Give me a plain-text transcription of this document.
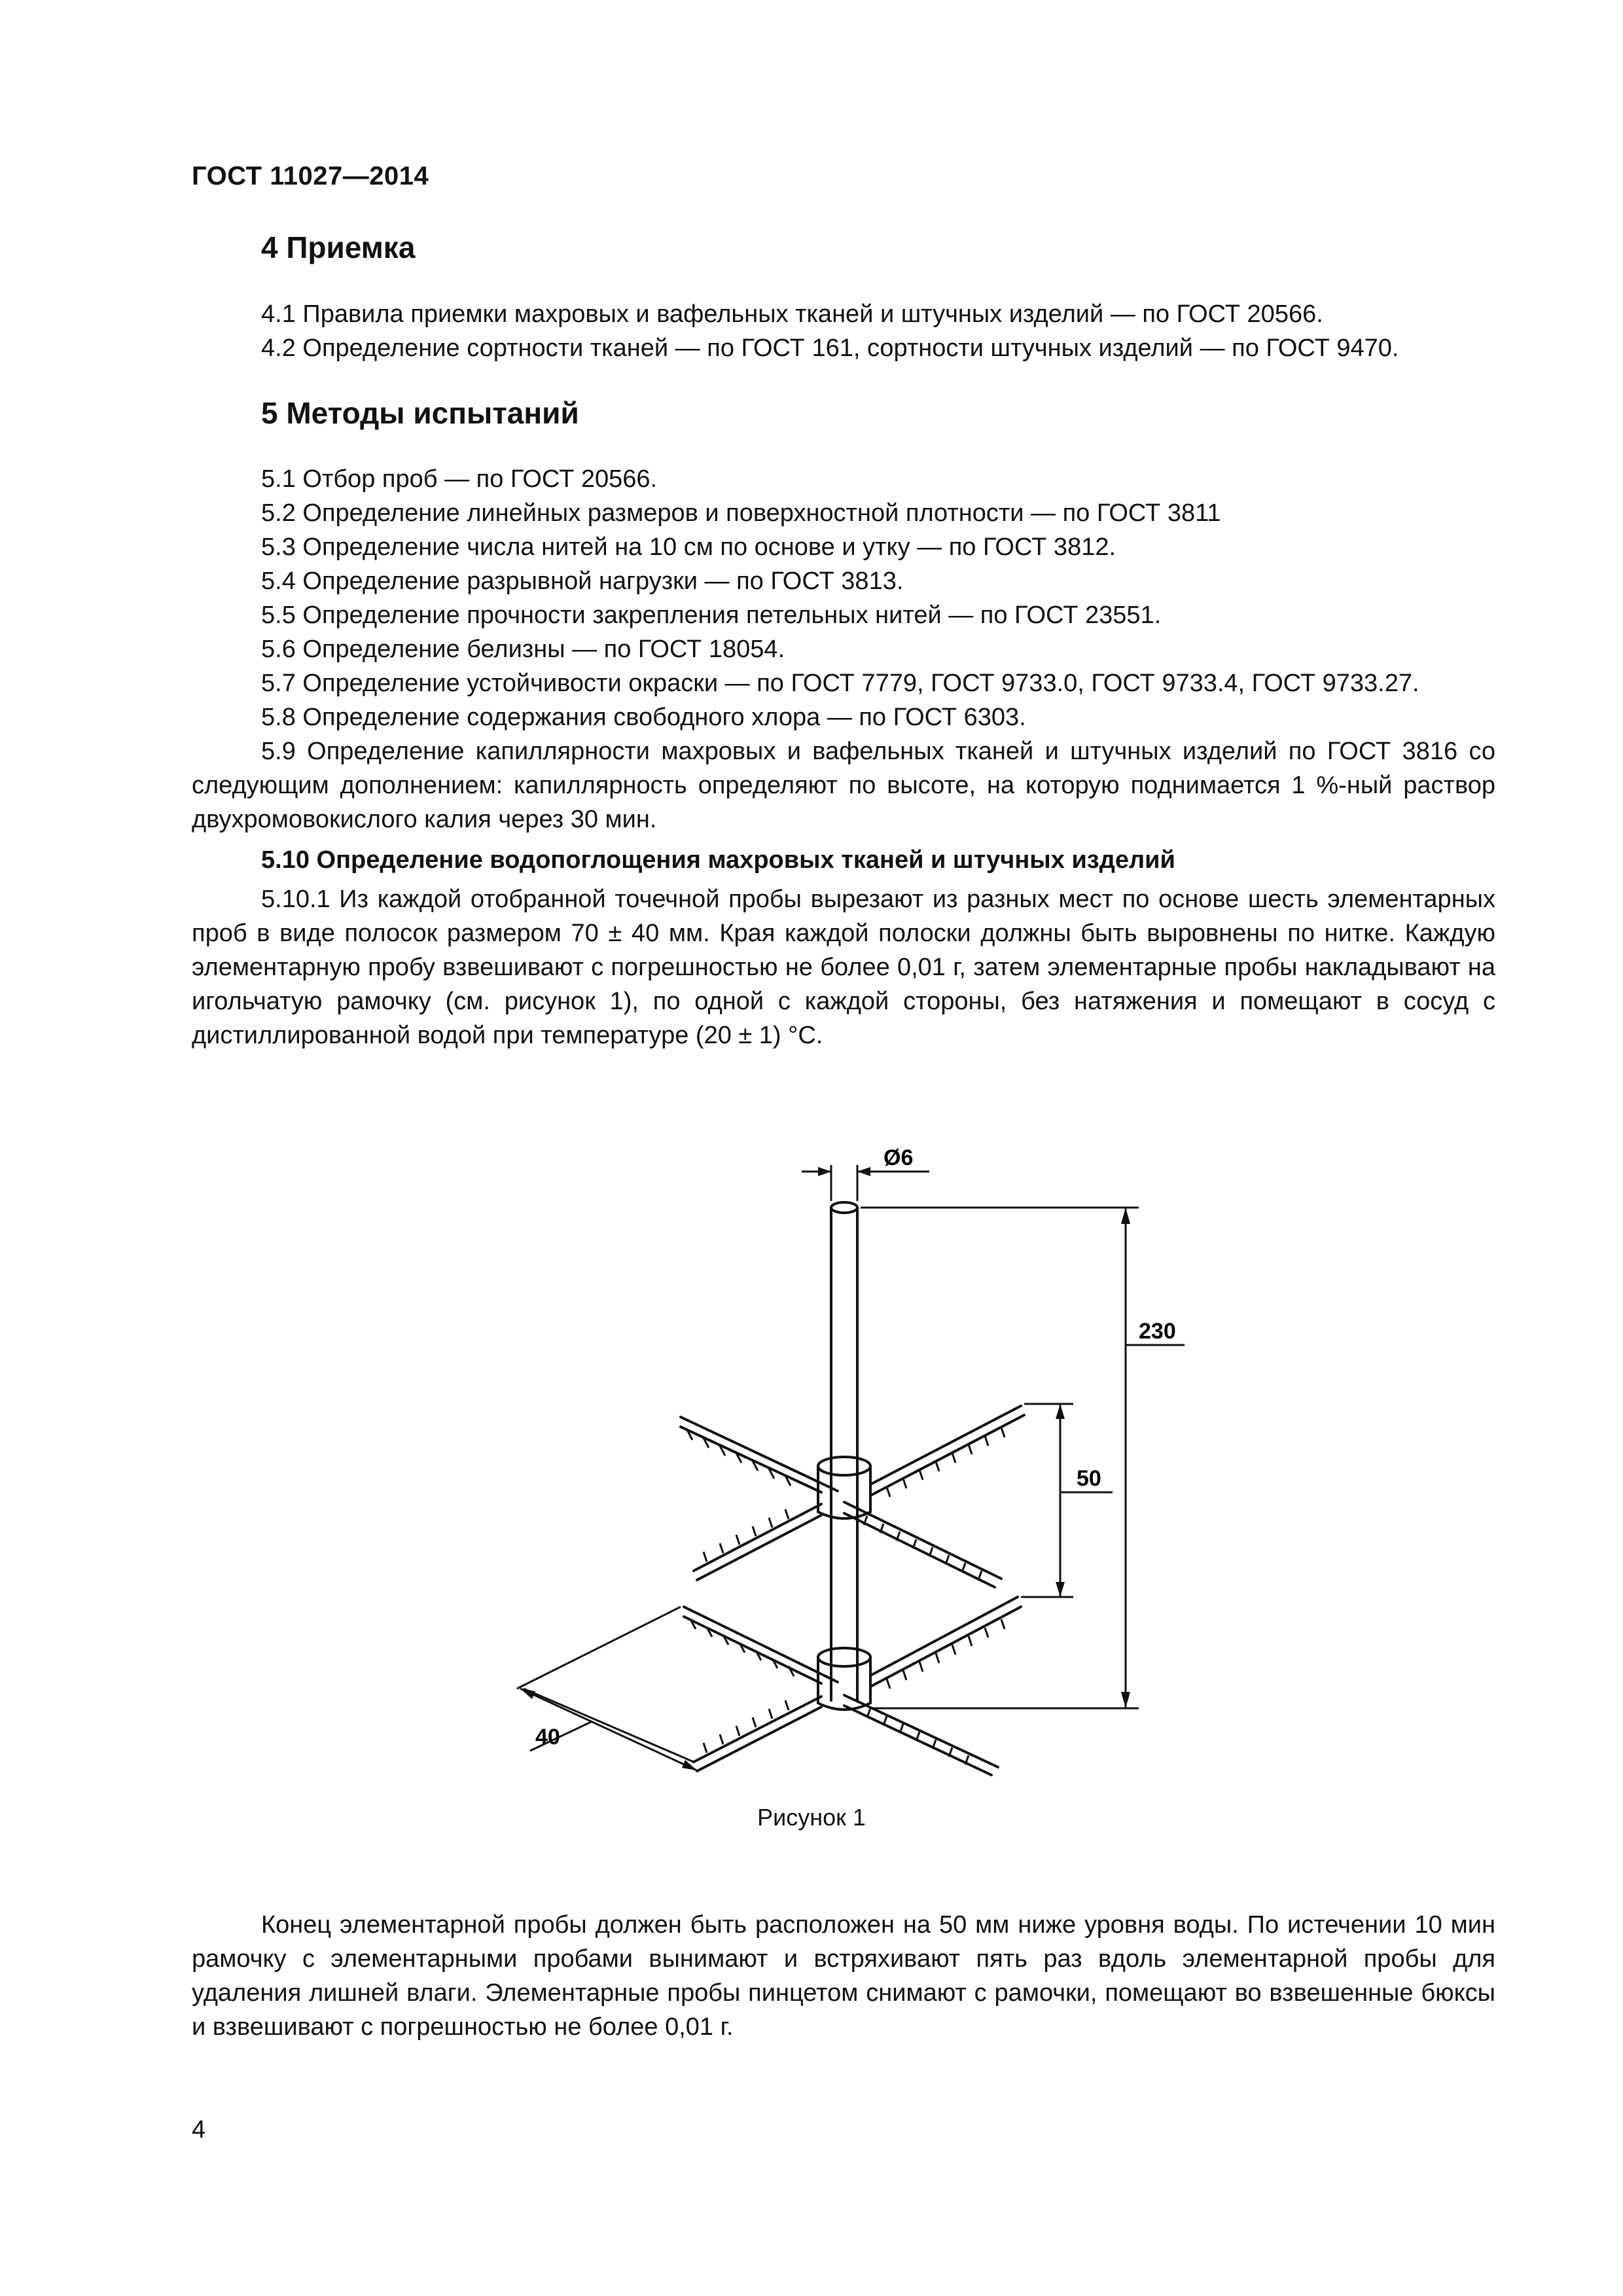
ГОСТ 11027—2014

4 Приемка

4.1 Правила приемки махровых и вафельных тканей и штучных изделий — по ГОСТ 20566.

4.2 Определение сортности тканей — по ГОСТ 161, сортности штучных изделий — по ГОСТ 9470.

5 Методы испытаний

5.1 Отбор проб — по ГОСТ 20566.

5.2 Определение линейных размеров и поверхностной плотности — по ГОСТ 3811

5.3 Определение числа нитей на 10 см по основе и утку — по ГОСТ 3812.

5.4 Определение разрывной нагрузки — по ГОСТ 3813.

5.5 Определение прочности закрепления петельных нитей — по ГОСТ 23551.

5.6 Определение белизны — по ГОСТ 18054.

5.7 Определение устойчивости окраски — по ГОСТ 7779, ГОСТ 9733.0, ГОСТ 9733.4, ГОСТ 9733.27.

5.8 Определение содержания свободного хлора — по ГОСТ 6303.

5.9 Определение капиллярности махровых и вафельных тканей и штучных изделий по ГОСТ 3816 со следующим дополнением: капиллярность определяют по высоте, на которую поднимается 1 %-ный раствор двухромовокислого калия через 30 мин.

5.10 Определение водопоглощения махровых тканей и штучных изделий

5.10.1 Из каждой отобранной точечной пробы вырезают из разных мест по основе шесть элементарных проб в виде полосок размером 70 ± 40 мм. Края каждой полоски должны быть выровнены по нитке. Каждую элементарную пробу взвешивают с погрешностью не более 0,01 г, затем элементарные пробы накладывают на игольчатую рамочку (см. рисунок 1), по одной с каждой стороны, без натяжения и помещают в сосуд с дистиллированной водой при температуре (20 ± 1) °С.

Ø6
230
50
40
Рисунок 1

Конец элементарной пробы должен быть расположен на 50 мм ниже уровня воды. По истечении 10 мин рамочку с элементарными пробами вынимают и встряхивают пять раз вдоль элементарной пробы для удаления лишней влаги. Элементарные пробы пинцетом снимают с рамочки, помещают во взвешенные бюксы и взвешивают с погрешностью не более 0,01 г.

4
